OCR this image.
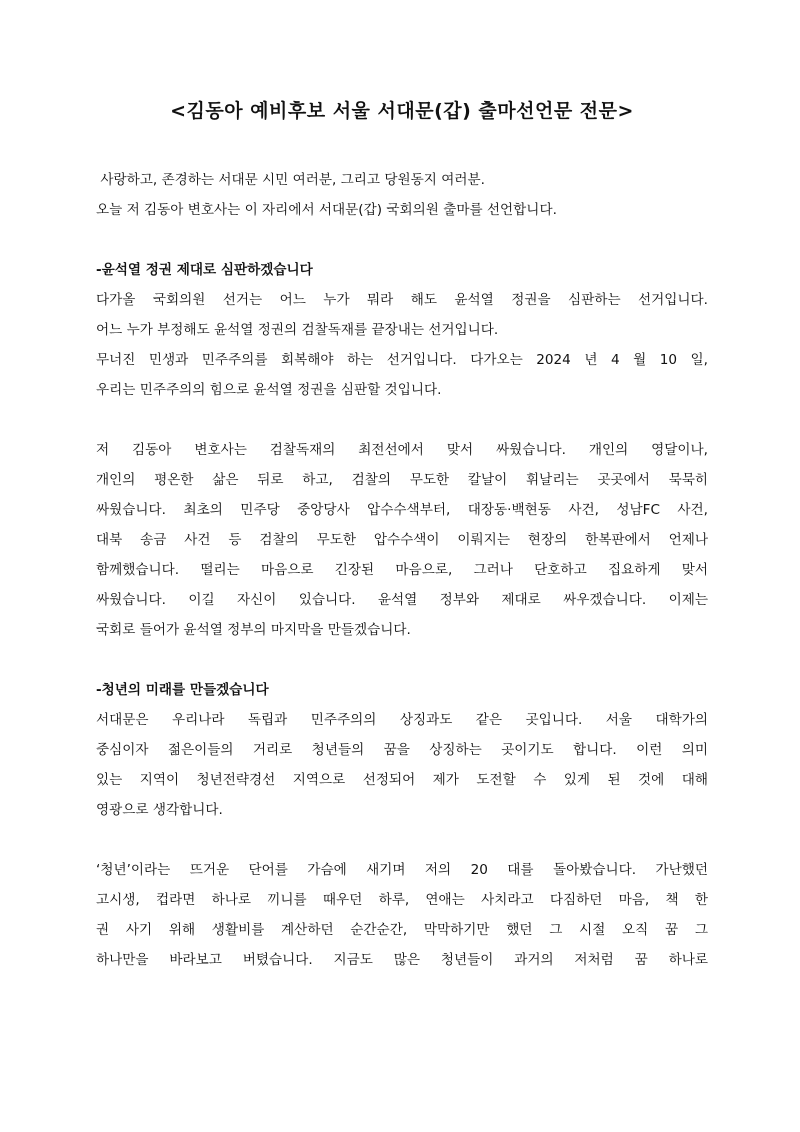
<김동아 예비후보 서울 서대문(갑) 출마선언문 전문>
사랑하고, 존경하는 서대문 시민 여러분, 그리고 당원동지 여러분.
오늘 저 김동아 변호사는 이 자리에서 서대문(갑) 국회의원 출마를 선언합니다.
-윤석열 정권 제대로 심판하겠습니다
다가올 국회의원 선거는 어느 누가 뭐라 해도 윤석열 정권을 심판하는 선거입니다.
어느 누가 부정해도 윤석열 정권의 검찰독재를 끝장내는 선거입니다.
무너진 민생과 민주주의를 회복해야 하는 선거입니다. 다가오는 2024 년 4 월 10 일,
우리는 민주주의의 힘으로 윤석열 정권을 심판할 것입니다.
저 김동아 변호사는 검찰독재의 최전선에서 맞서 싸웠습니다. 개인의 영달이나,
개인의 평온한 삶은 뒤로 하고, 검찰의 무도한 칼날이 휘날리는 곳곳에서 묵묵히
싸웠습니다. 최초의 민주당 중앙당사 압수수색부터, 대장동·백현동 사건, 성남FC 사건,
대북 송금 사건 등 검찰의 무도한 압수수색이 이뤄지는 현장의 한복판에서 언제나
함께했습니다. 떨리는 마음으로 긴장된 마음으로, 그러나 단호하고 집요하게 맞서
싸웠습니다. 이길 자신이 있습니다. 윤석열 정부와 제대로 싸우겠습니다. 이제는
국회로 들어가 윤석열 정부의 마지막을 만들겠습니다.
-청년의 미래를 만들겠습니다
서대문은 우리나라 독립과 민주주의의 상징과도 같은 곳입니다. 서울 대학가의
중심이자 젊은이들의 거리로 청년들의 꿈을 상징하는 곳이기도 합니다. 이런 의미
있는 지역이 청년전략경선 지역으로 선정되어 제가 도전할 수 있게 된 것에 대해
영광으로 생각합니다.
‘청년’이라는 뜨거운 단어를 가슴에 새기며 저의 20 대를 돌아봤습니다. 가난했던
고시생, 컵라면 하나로 끼니를 때우던 하루, 연애는 사치라고 다짐하던 마음, 책 한
권 사기 위해 생활비를 계산하던 순간순간, 막막하기만 했던 그 시절 오직 꿈 그
하나만을 바라보고 버텼습니다. 지금도 많은 청년들이 과거의 저처럼 꿈 하나로
